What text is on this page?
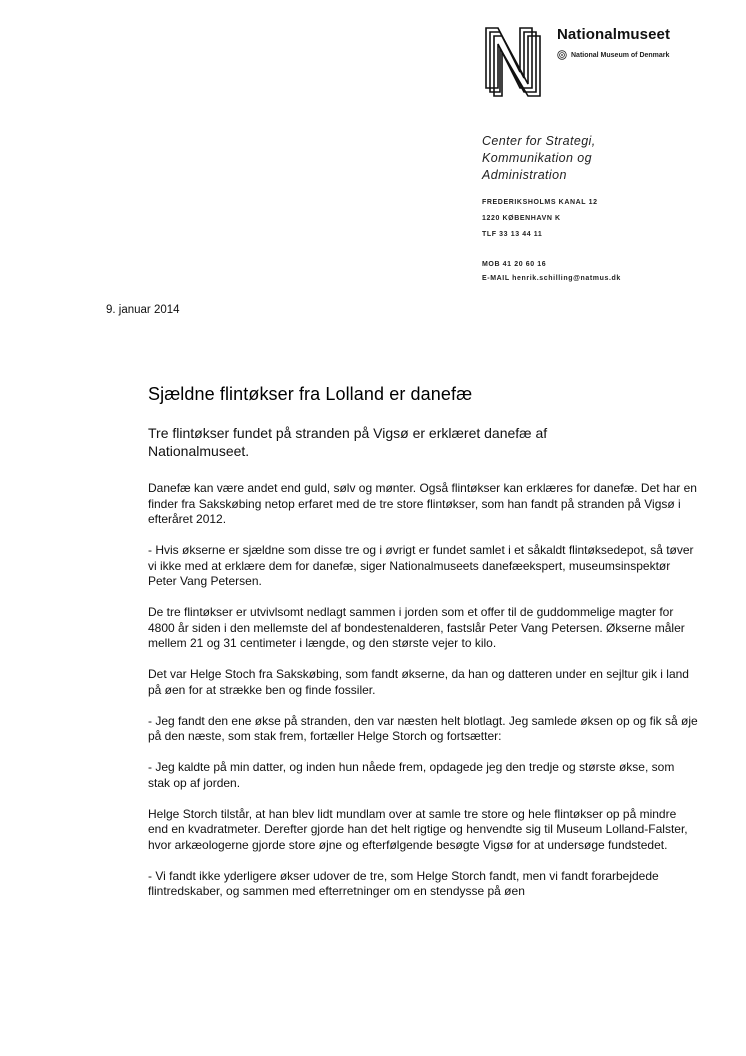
Nationalmuseet
National Museum of Denmark
Center for Strategi,
Kommunikation og
Administration
FREDERIKSHOLMS KANAL 12
1220 KØBENHAVN K
TLF 33 13 44 11
MOB 41 20 60 16
E-MAIL henrik.schilling@natmus.dk
9. januar 2014
Sjældne flintøkser fra Lolland er danefæ
Tre flintøkser fundet på stranden på Vigsø er erklæret danefæ af Nationalmuseet.

Danefæ kan være andet end guld, sølv og mønter. Også flintøkser kan erklæres for danefæ. Det har en finder fra Sakskøbing netop erfaret med de tre store flintøkser, som han fandt på stranden på Vigsø i efteråret 2012.

- Hvis økserne er sjældne som disse tre og i øvrigt er fundet samlet i et såkaldt flintøksedepot, så tøver vi ikke med at erklære dem for danefæ, siger Nationalmuseets danefæekspert, museumsinspektør Peter Vang Petersen.

De tre flintøkser er utvivlsomt nedlagt sammen i jorden som et offer til de guddommelige magter for 4800 år siden i den mellemste del af bondestenalderen, fastslår Peter Vang Petersen. Økserne måler mellem 21 og 31 centimeter i længde, og den største vejer to kilo.

Det var Helge Stoch fra Sakskøbing, som fandt økserne, da han og datteren under en sejltur gik i land på øen for at strække ben og finde fossiler.

- Jeg fandt den ene økse på stranden, den var næsten helt blotlagt. Jeg samlede øksen op og fik så øje på den næste, som stak frem, fortæller Helge Storch og fortsætter:

- Jeg kaldte på min datter, og inden hun nåede frem, opdagede jeg den tredje og største økse, som stak op af jorden.

Helge Storch tilstår, at han blev lidt mundlam over at samle tre store og hele flintøkser op på mindre end en kvadratmeter. Derefter gjorde han det helt rigtige og henvendte sig til Museum Lolland-Falster, hvor arkæologerne gjorde store øjne og efterfølgende besøgte Vigsø for at undersøge fundstedet.

- Vi fandt ikke yderligere økser udover de tre, som Helge Storch fandt, men vi fandt forarbejdede flintredskaber, og sammen med efterretninger om en stendysse på øen
